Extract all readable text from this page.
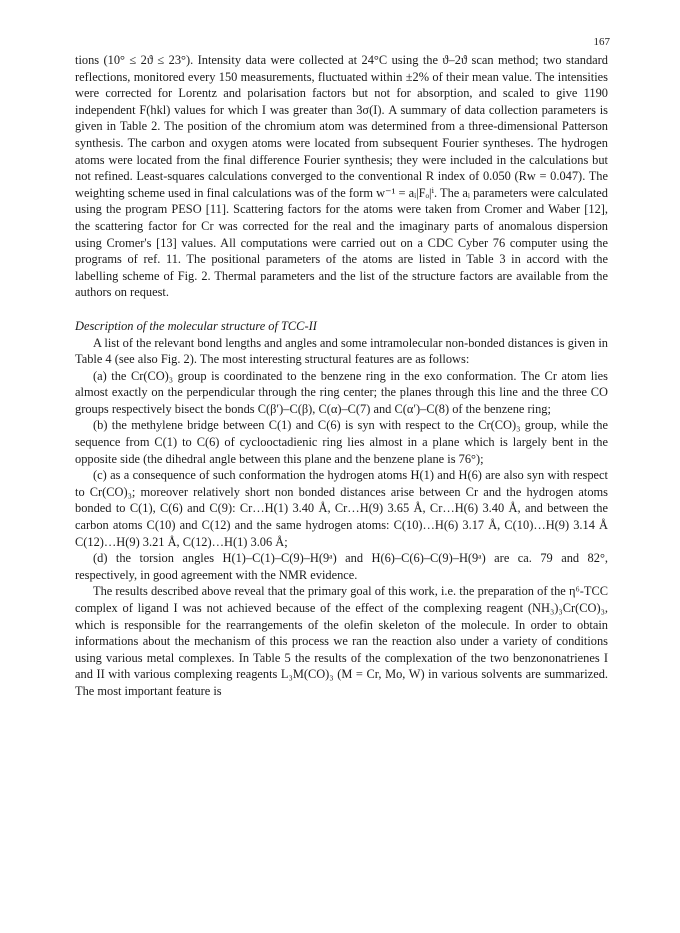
167

tions (10° ≤ 2ϑ ≤ 23°). Intensity data were collected at 24°C using the ϑ–2ϑ scan method; two standard reflections, monitored every 150 measurements, fluctuated within ±2% of their mean value. The intensities were corrected for Lorentz and polarisation factors but not for absorption, and scaled to give 1190 independent F(hkl) values for which I was greater than 3σ(I). A summary of data collection parameters is given in Table 2. The position of the chromium atom was determined from a three-dimensional Patterson synthesis. The carbon and oxygen atoms were located from subsequent Fourier syntheses. The hydrogen atoms were located from the final difference Fourier synthesis; they were included in the calculations but not refined. Least-squares calculations converged to the conventional R index of 0.050 (Rw = 0.047). The weighting scheme used in final calculations was of the form w⁻¹ = aᵢ|Fₒ|ⁱ. The aᵢ parameters were calculated using the program PESO [11]. Scattering factors for the atoms were taken from Cromer and Waber [12], the scattering factor for Cr was corrected for the real and the imaginary parts of anomalous dispersion using Cromer's [13] values. All computations were carried out on a CDC Cyber 76 computer using the programs of ref. 11. The positional parameters of the atoms are listed in Table 3 in accord with the labelling scheme of Fig. 2. Thermal parameters and the list of the structure factors are available from the authors on request.

Description of the molecular structure of TCC-II

A list of the relevant bond lengths and angles and some intramolecular non-bonded distances is given in Table 4 (see also Fig. 2). The most interesting structural features are as follows:

(a) the Cr(CO)₃ group is coordinated to the benzene ring in the exo conformation. The Cr atom lies almost exactly on the perpendicular through the ring center; the planes through this line and the three CO groups respectively bisect the bonds C(β′)–C(β), C(α)–C(7) and C(α′)–C(8) of the benzene ring;

(b) the methylene bridge between C(1) and C(6) is syn with respect to the Cr(CO)₃ group, while the sequence from C(1) to C(6) of cyclooctadienic ring lies almost in a plane which is largely bent in the opposite side (the dihedral angle between this plane and the benzene plane is 76°);

(c) as a consequence of such conformation the hydrogen atoms H(1) and H(6) are also syn with respect to Cr(CO)₃; moreover relatively short non bonded distances arise between Cr and the hydrogen atoms bonded to C(1), C(6) and C(9): Cr…H(1) 3.40 Å, Cr…H(9) 3.65 Å, Cr…H(6) 3.40 Å, and between the carbon atoms C(10) and C(12) and the same hydrogen atoms: C(10)…H(6) 3.17 Å, C(10)…H(9) 3.14 Å C(12)…H(9) 3.21 Å, C(12)…H(1) 3.06 Å;

(d) the torsion angles H(1)–C(1)–C(9)–H(9ᵃ) and H(6)–C(6)–C(9)–H(9ᵃ) are ca. 79 and 82°, respectively, in good agreement with the NMR evidence.

The results described above reveal that the primary goal of this work, i.e. the preparation of the η⁶-TCC complex of ligand I was not achieved because of the effect of the complexing reagent (NH₃)₃Cr(CO)₃, which is responsible for the rearrangements of the olefin skeleton of the molecule. In order to obtain informations about the mechanism of this process we ran the reaction also under a variety of conditions using various metal complexes. In Table 5 the results of the complexation of the two benzononatrienes I and II with various complexing reagents L₃M(CO)₃ (M = Cr, Mo, W) in various solvents are summarized. The most important feature is
